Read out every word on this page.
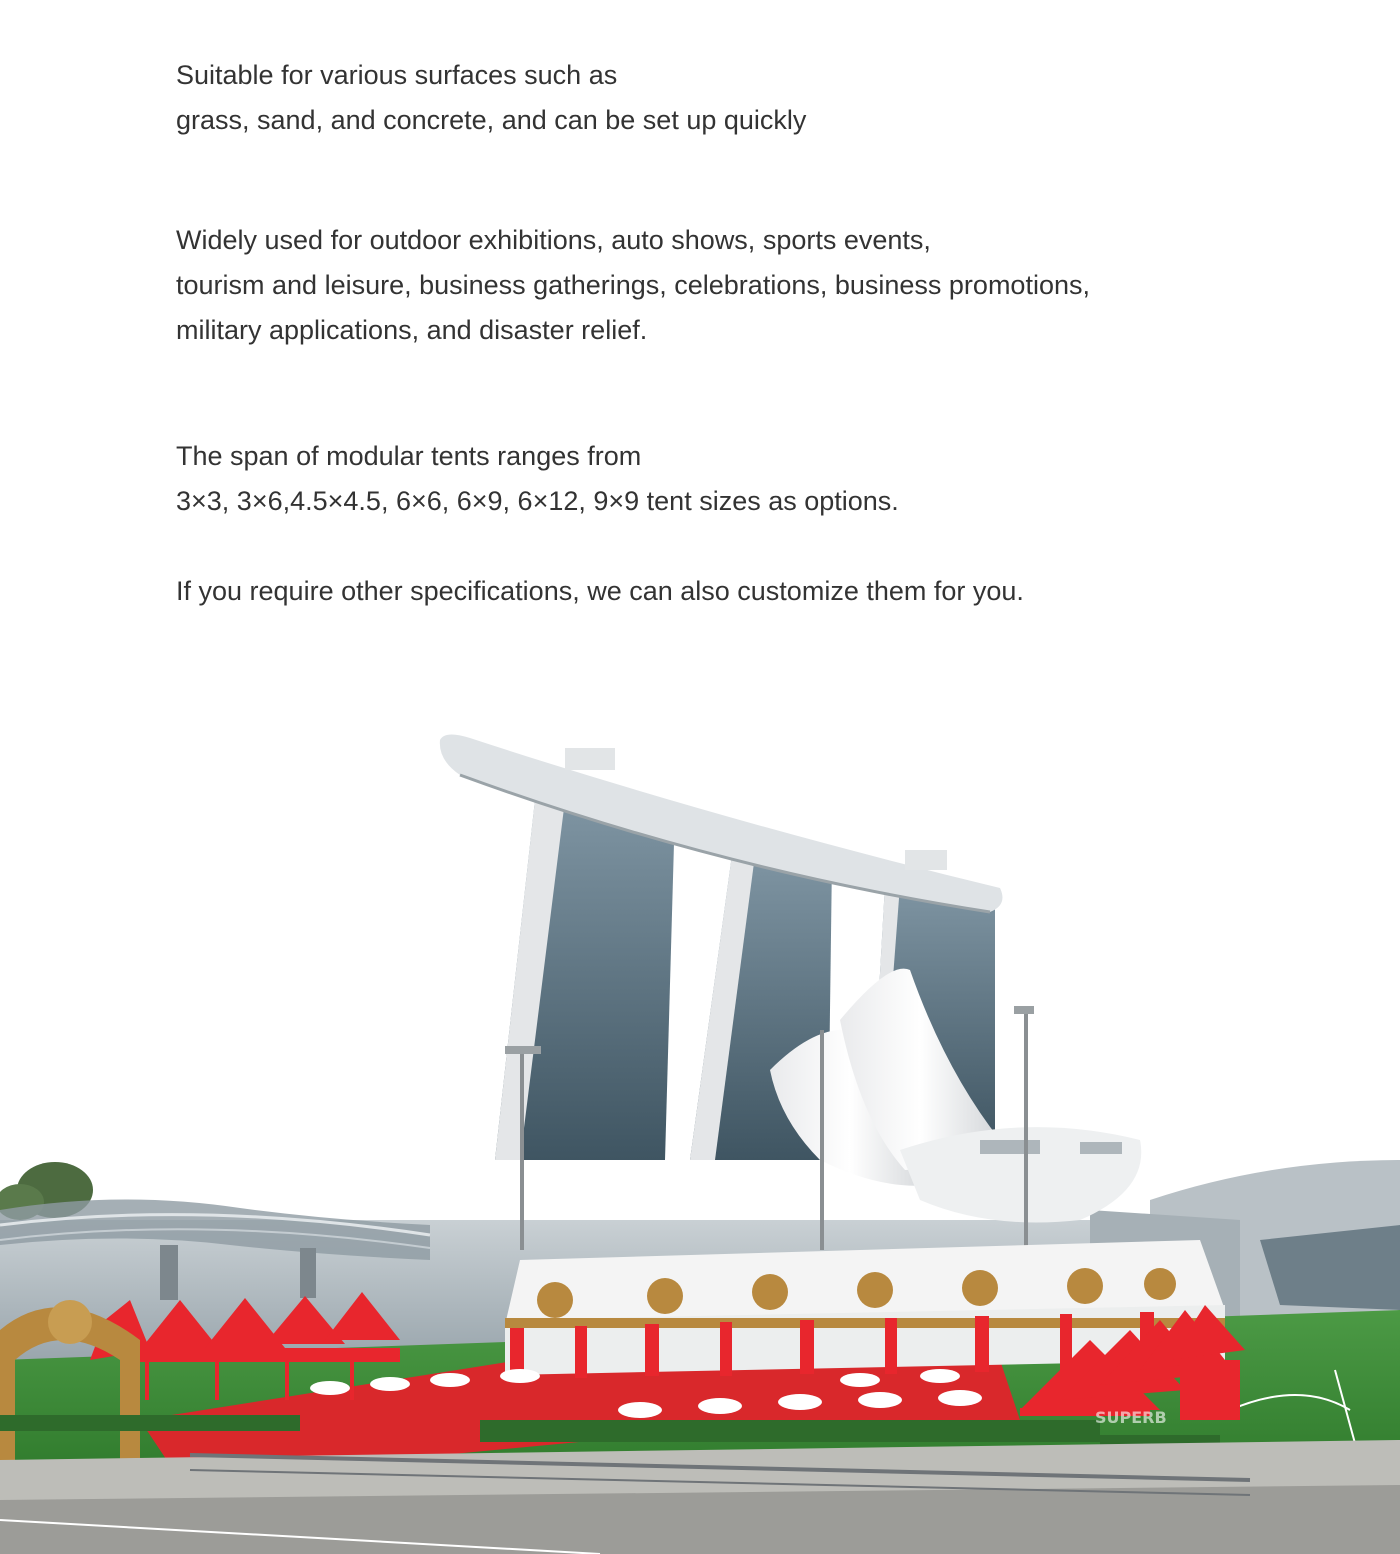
Suitable for various surfaces such as
grass, sand, and concrete, and can be set up quickly

Widely used for outdoor exhibitions, auto shows, sports events,
tourism and leisure, business gatherings, celebrations, business promotions,
military applications, and disaster relief.

The span of modular tents ranges from
3×3, 3×6,4.5×4.5, 6×6, 6×9, 6×12, 9×9 tent sizes as options.

If you require other specifications, we can also customize them for you.

SUPERB
